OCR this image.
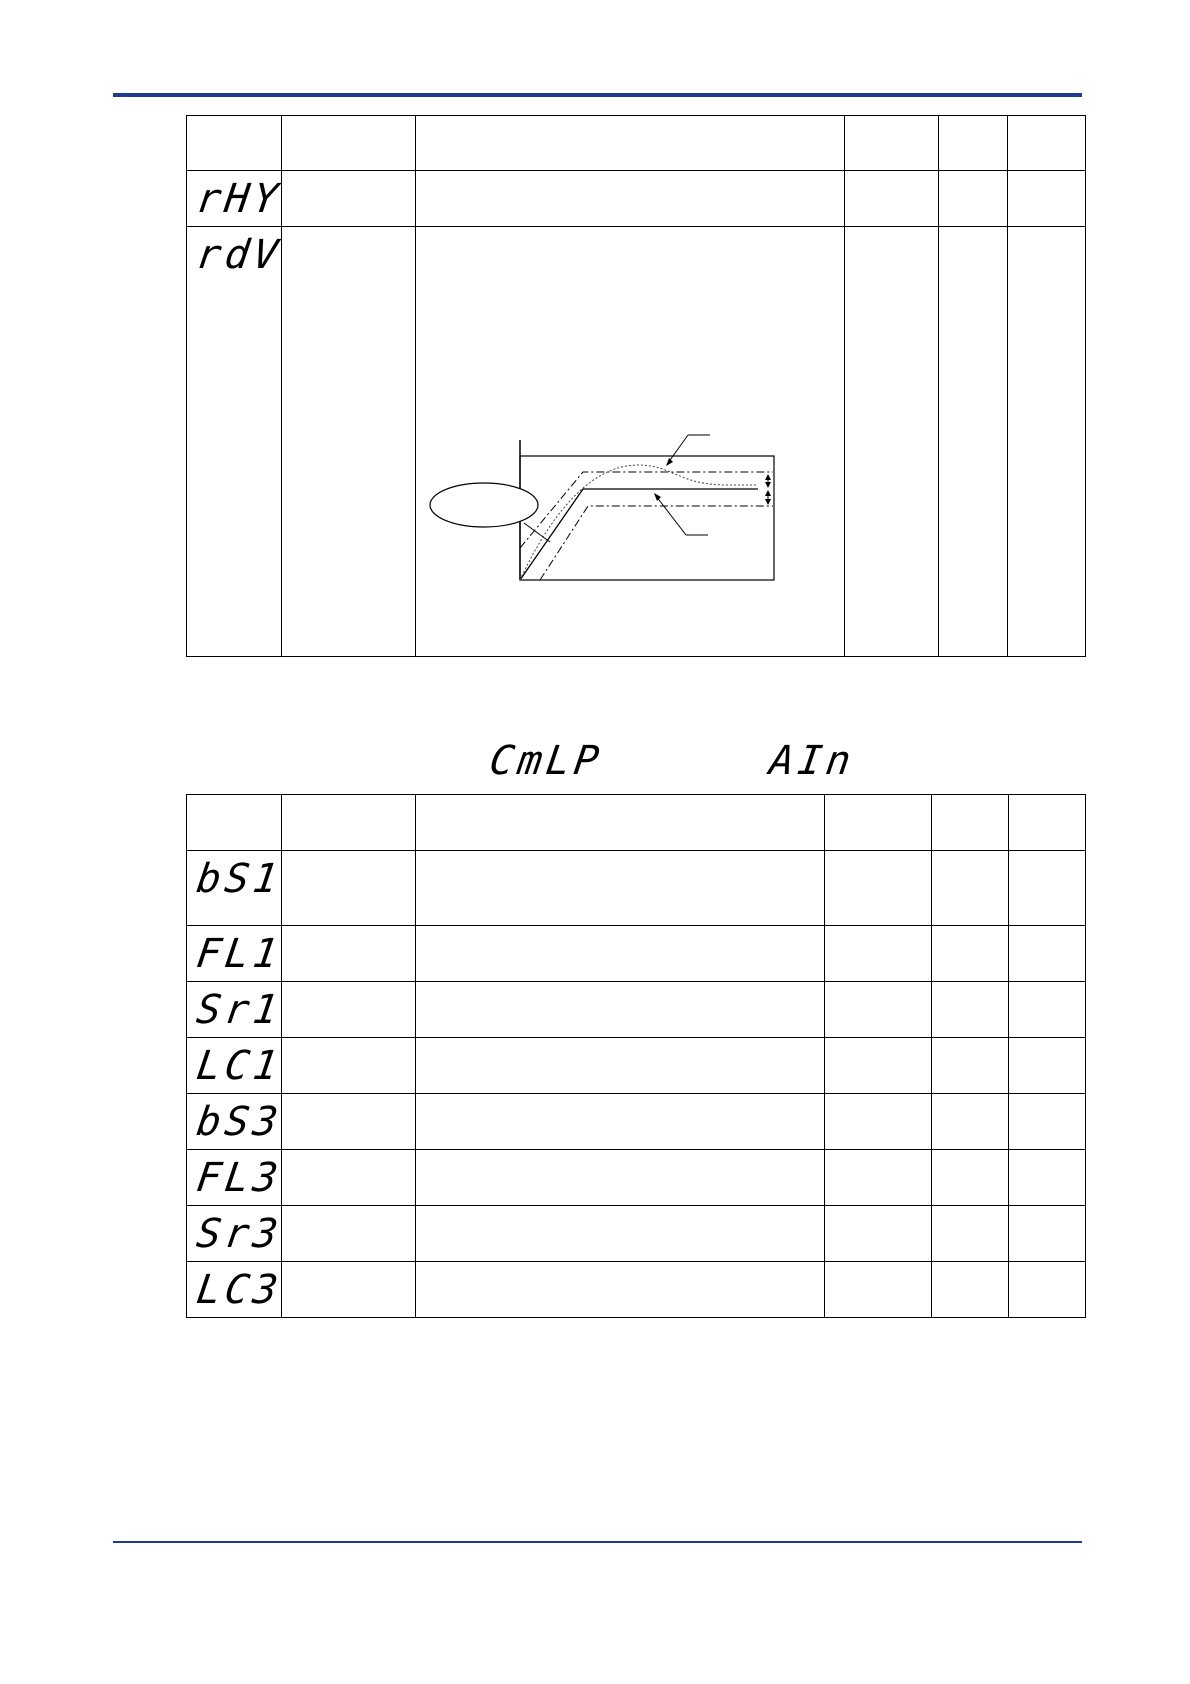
rHY					
rdV					
CmLP	AIn

bS1					
FL1					
Sr1					
LC1					
bS3					
FL3					
Sr3					
LC3					
